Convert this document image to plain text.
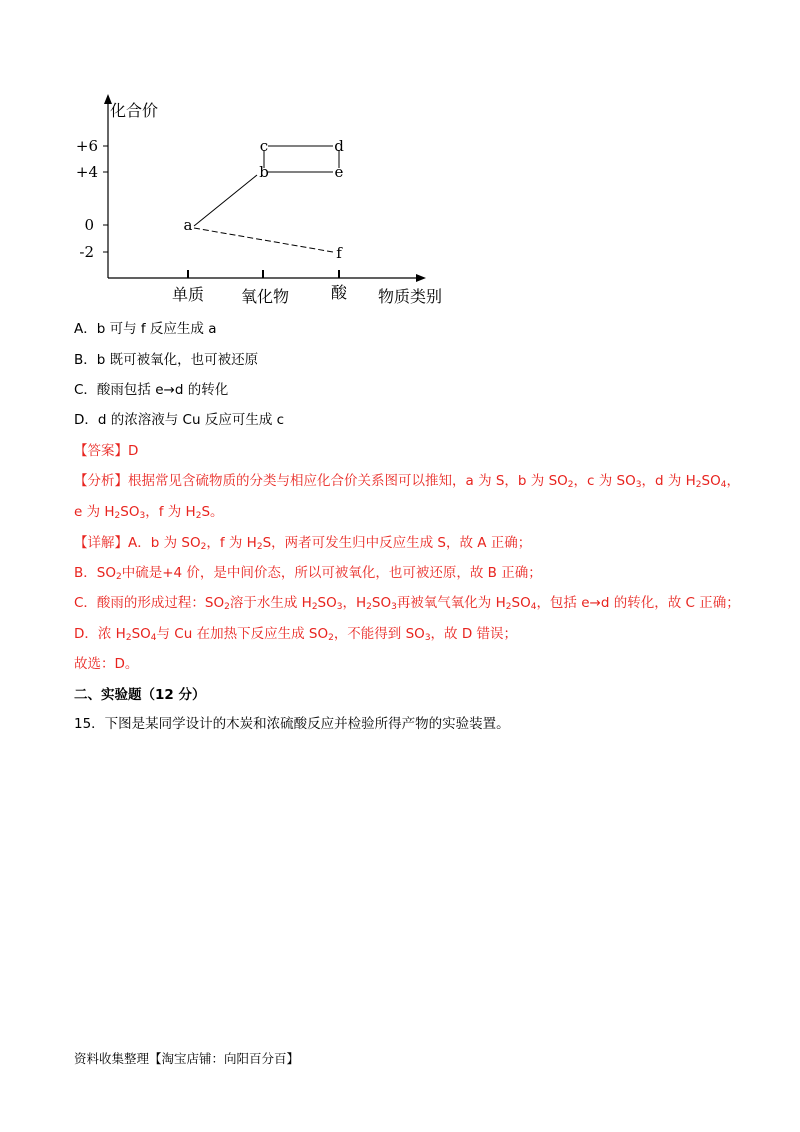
化合价
+6
+4
0
-2
单质 氧化物	酸 物质类别
c	d
b	e
a
f
A．b 可与 f 反应生成 a
B．b 既可被氧化，也可被还原
C．酸雨包括 e→d 的转化
D．d 的浓溶液与 Cu 反应可生成 c
【答案】D
【分析】根据常见含硫物质的分类与相应化合价关系图可以推知，a 为 S，b 为 $SO_2$，c 为 $SO_3$，d 为 $H_2SO_4$，
e 为 $H_2SO_3$，f 为 $H_2S$。
【详解】A．b 为 $SO_2$，f 为 $H_2S$，两者可发生归中反应生成 S，故 A 正确；
B．$SO_2$中硫是+4 价，是中间价态，所以可被氧化，也可被还原，故 B 正确；
C．酸雨的形成过程：$SO_2$溶于水生成 $H_2SO_3$，$H_2SO_3$再被氧气氧化为 $H_2SO_4$，包括 e→d 的转化，故 C 正确；
D．浓 $H_2SO_4$与 Cu 在加热下反应生成 $SO_2$，不能得到 $SO_3$，故 D 错误；
故选：D。
二、实验题（12 分）
15．下图是某同学设计的木炭和浓硫酸反应并检验所得产物的实验装置。
资料收集整理【淘宝店铺：向阳百分百】
